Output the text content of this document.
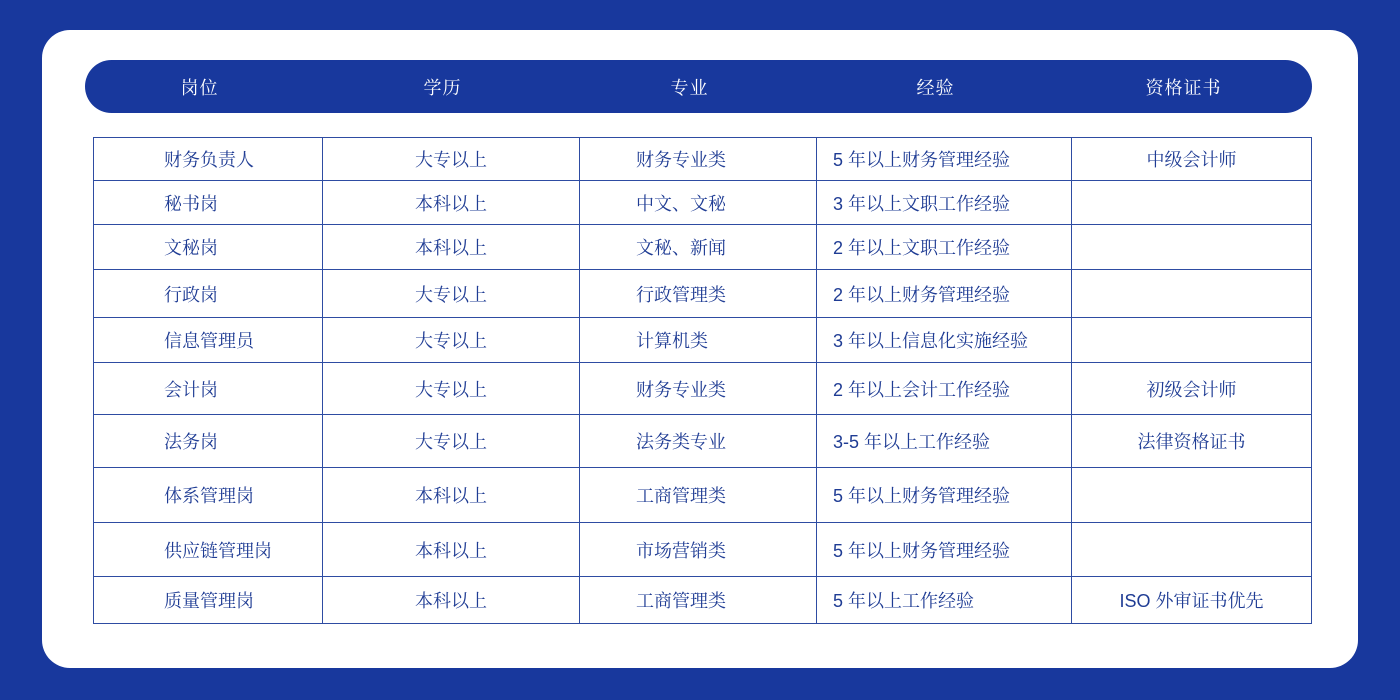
岗位	学历	专业	经验	资格证书
财务负责人	大专以上	财务专业类	5 年以上财务管理经验	中级会计师
秘书岗	本科以上	中文、文秘	3 年以上文职工作经验
文秘岗	本科以上	文秘、新闻	2 年以上文职工作经验
行政岗	大专以上	行政管理类	2 年以上财务管理经验
信息管理员	大专以上	计算机类	3 年以上信息化实施经验
会计岗	大专以上	财务专业类	2 年以上会计工作经验	初级会计师
法务岗	大专以上	法务类专业	3-5 年以上工作经验	法律资格证书
体系管理岗	本科以上	工商管理类	5 年以上财务管理经验
供应链管理岗	本科以上	市场营销类	5 年以上财务管理经验
质量管理岗	本科以上	工商管理类	5 年以上工作经验	ISO 外审证书优先
